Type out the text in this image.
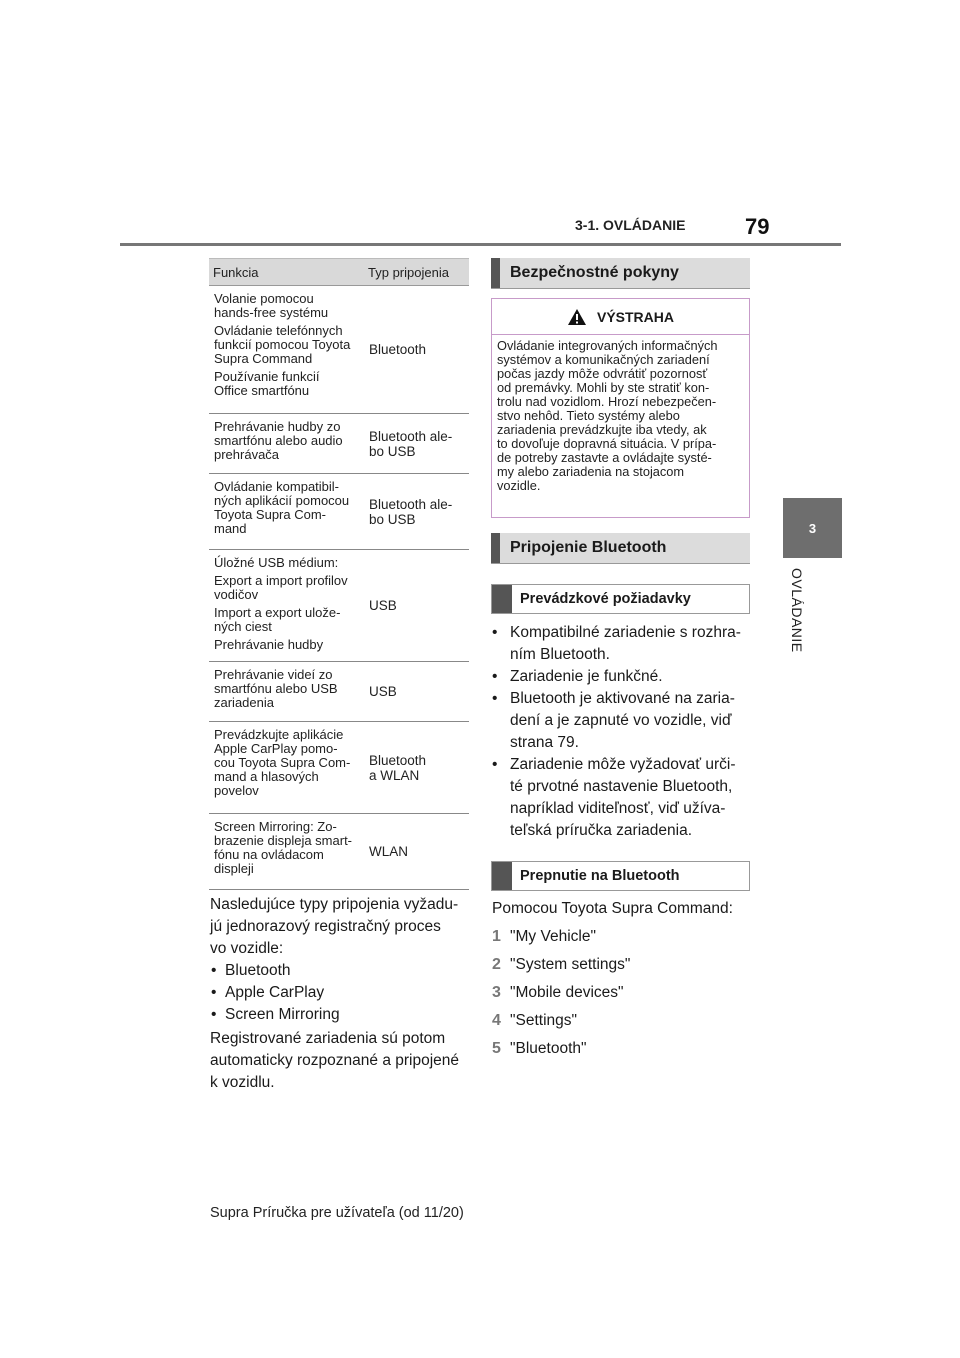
3-1. OVLÁDANIE	79
3
OVLÁDANIE
Funkcia	Typ pripojenia

Volanie pomocou
hands-free systému

Ovládanie telefónnych
funkcií pomocou Toyota
Supra Command

Používanie funkcií
Office smartfónu

Bluetooth

Prehrávanie hudby zo
smartfónu alebo audio
prehrávača

Bluetooth ale-
bo USB

Ovládanie kompatibil-
ných aplikácií pomocou
Toyota Supra Com-
mand

Bluetooth ale-
bo USB

Úložné USB médium:

Export a import profilov
vodičov

Import a export ulože-
ných ciest

Prehrávanie hudby

USB

Prehrávanie videí zo
smartfónu alebo USB
zariadenia

USB

Prevádzkujte aplikácie
Apple CarPlay pomo-
cou Toyota Supra Com-
mand a hlasových
povelov

Bluetooth
a WLAN

Screen Mirroring: Zo-
brazenie displeja smart-
fónu na ovládacom
displeji

WLAN

Nasledujúce typy pripojenia vyžadu-
jú jednorazový registračný proces
vo vozidle:

•  Bluetooth
•  Apple CarPlay
•  Screen Mirroring

Registrované zariadenia sú potom
automaticky rozpoznané a pripojené
k vozidlu.

Bezpečnostné pokyny
VÝSTRAHA
Ovládanie integrovaných informačných
systémov a komunikačných zariadení
počas jazdy môže odvrátiť pozornosť
od premávky. Mohli by ste stratiť kon-
trolu nad vozidlom. Hrozí nebezpečen-
stvo nehôd. Tieto systémy alebo
zariadenia prevádzkujte iba vtedy, ak
to dovoľuje dopravná situácia. V prípa-
de potreby zastavte a ovládajte systé-
my alebo zariadenia na stojacom
vozidle.
Pripojenie Bluetooth
Prevádzkové požiadavky
• Kompatibilné zariadenie s rozhra-
ním Bluetooth.
• Zariadenie je funkčné.
• Bluetooth je aktivované na zaria-
dení a je zapnuté vo vozidle, viď
strana 79.
• Zariadenie môže vyžadovať urči-
té prvotné nastavenie Bluetooth,
napríklad viditeľnosť, viď užíva-
teľská príručka zariadenia.
Prepnutie na Bluetooth
Pomocou Toyota Supra Command:
1 "My Vehicle"
2 "System settings"
3 "Mobile devices"
4 "Settings"
5 "Bluetooth"
Supra Príručka pre užívateľa (od 11/20)
